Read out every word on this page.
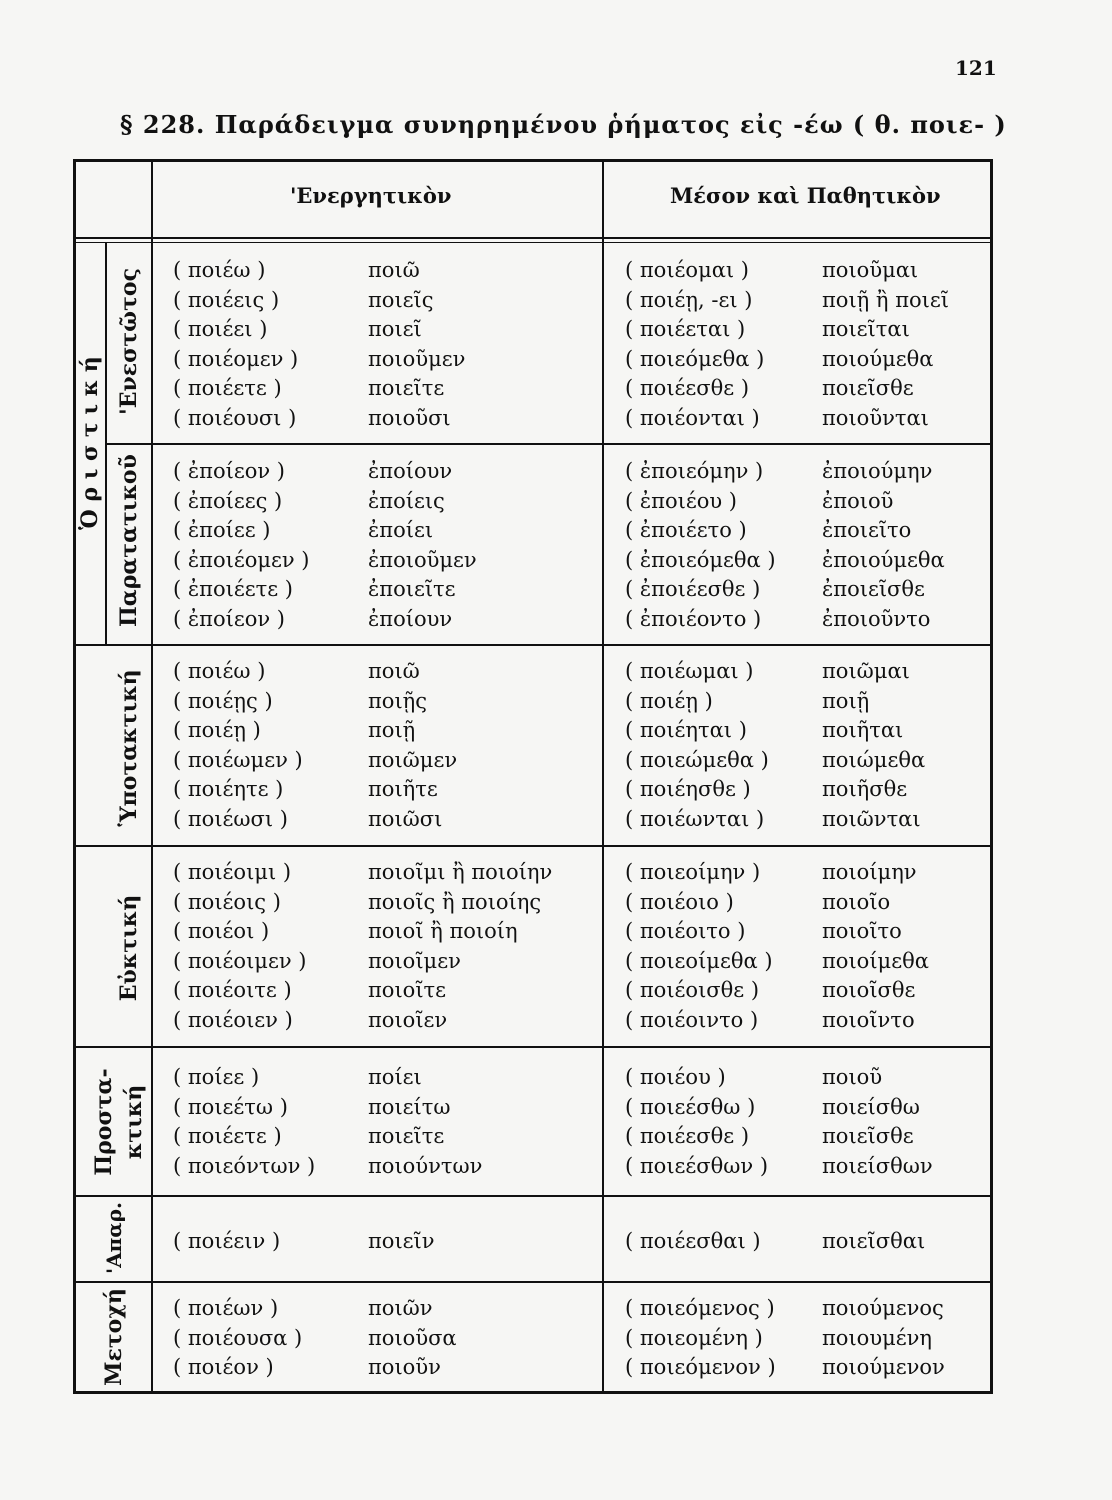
121
§ 228. Παράδειγμα συνηρημένου ῥήματος εἰς -έω ( θ. ποιε- )
'Ενεργητικὸν	Μέσον καὶ Παθητικὸν
Ὁ ρ ι σ τ ι κ ή
'Ενεστῶτος
Παρατατικοῦ
Ὑποτακτική
Εὐκτική
Προστα- κτική
'Απαρ.
Μετοχή
( ποιέω )	ποιῶ	( ποιέομαι )	ποιοῦμαι
( ποιέεις )	ποιεῖς	( ποιέῃ, -ει )	ποιῇ ἢ ποιεῖ
( ποιέει )	ποιεῖ	( ποιέεται )	ποιεῖται
( ποιέομεν )	ποιοῦμεν	( ποιεόμεθα )	ποιούμεθα
( ποιέετε )	ποιεῖτε	( ποιέεσθε )	ποιεῖσθε
( ποιέουσι )	ποιοῦσι	( ποιέονται )	ποιοῦνται
( ἐποίεον )	ἐποίουν	( ἐποιεόμην )	ἐποιούμην
( ἐποίεες )	ἐποίεις	( ἐποιέου )	ἐποιοῦ
( ἐποίεε )	ἐποίει	( ἐποιέετο )	ἐποιεῖτο
( ἐποιέομεν )	ἐποιοῦμεν	( ἐποιεόμεθα ) ἐποιούμεθα
( ἐποιέετε )	ἐποιεῖτε	( ἐποιέεσθε )	ἐποιεῖσθε
( ἐποίεον )	ἐποίουν	( ἐποιέοντο )	ἐποιοῦντο
( ποιέω )	ποιῶ	( ποιέωμαι )	ποιῶμαι
( ποιέῃς )	ποιῇς	( ποιέῃ )	ποιῇ
( ποιέῃ )	ποιῇ	( ποιέηται )	ποιῆται
( ποιέωμεν )	ποιῶμεν	( ποιεώμεθα )	ποιώμεθα
( ποιέητε )	ποιῆτε	( ποιέησθε )	ποιῆσθε
( ποιέωσι )	ποιῶσι	( ποιέωνται )	ποιῶνται
( ποιέοιμι )	ποιοῖμι ἢ ποιοίην	( ποιεοίμην )	ποιοίμην
( ποιέοις )	ποιοῖς ἢ ποιοίης	( ποιέοιο )	ποιοῖο
( ποιέοι )	ποιοῖ ἢ ποιοίη	( ποιέοιτο )	ποιοῖτο
( ποιέοιμεν )	ποιοῖμεν	( ποιεοίμεθα ) ποιοίμεθα
( ποιέοιτε )	ποιοῖτε	( ποιέοισθε )	ποιοῖσθε
( ποιέοιεν )	ποιοῖεν	( ποιέοιντο )	ποιοῖντο
( ποίεε )	ποίει	( ποιέου )	ποιοῦ
( ποιεέτω )	ποιείτω	( ποιεέσθω )	ποιείσθω
( ποιέετε )	ποιεῖτε	( ποιέεσθε )	ποιεῖσθε
( ποιεόντων )	ποιούντων	( ποιεέσθων )	ποιείσθων
( ποιέειν )	ποιεῖν	( ποιέεσθαι )	ποιεῖσθαι
( ποιέων )	ποιῶν	( ποιεόμενος ) ποιούμενος
( ποιέουσα )	ποιοῦσα	( ποιεομένη )	ποιουμένη
( ποιέον )	ποιοῦν	( ποιεόμενον ) ποιούμενον
